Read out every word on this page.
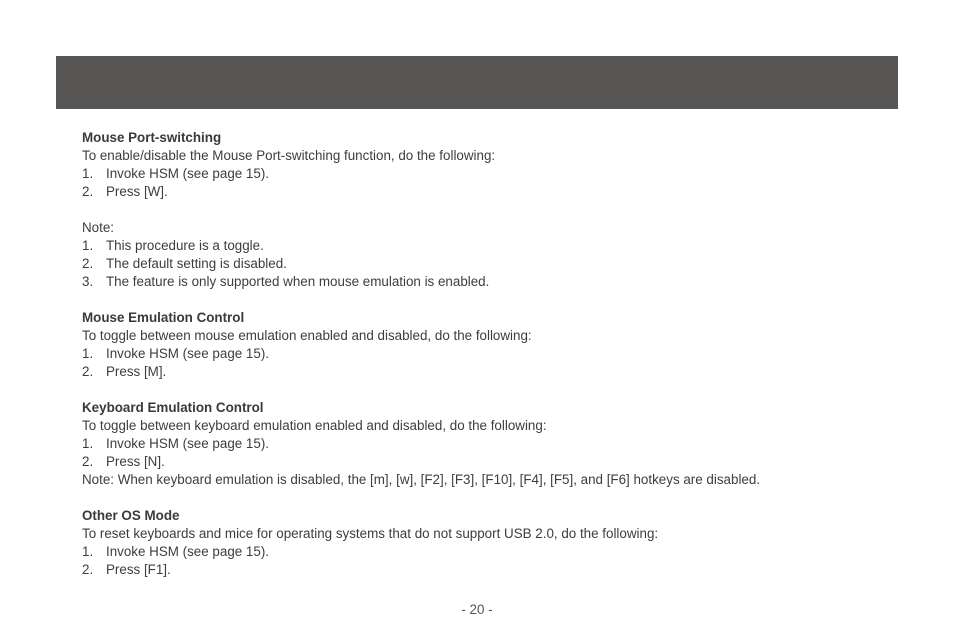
Mouse Port-switching
To enable/disable the Mouse Port-switching function, do the following:
1. Invoke HSM (see page 15).
2. Press [W].
Note:
1. This procedure is a toggle.
2. The default setting is disabled.
3. The feature is only supported when mouse emulation is enabled.
Mouse Emulation Control
To toggle between mouse emulation enabled and disabled, do the following:
1. Invoke HSM (see page 15).
2. Press [M].
Keyboard Emulation Control
To toggle between keyboard emulation enabled and disabled, do the following:
1. Invoke HSM (see page 15).
2. Press [N].
Note: When keyboard emulation is disabled, the [m], [w], [F2], [F3], [F10], [F4], [F5], and [F6] hotkeys are disabled.
Other OS Mode
To reset keyboards and mice for operating systems that do not support USB 2.0, do the following:
1. Invoke HSM (see page 15).
2. Press [F1].
- 20 -
